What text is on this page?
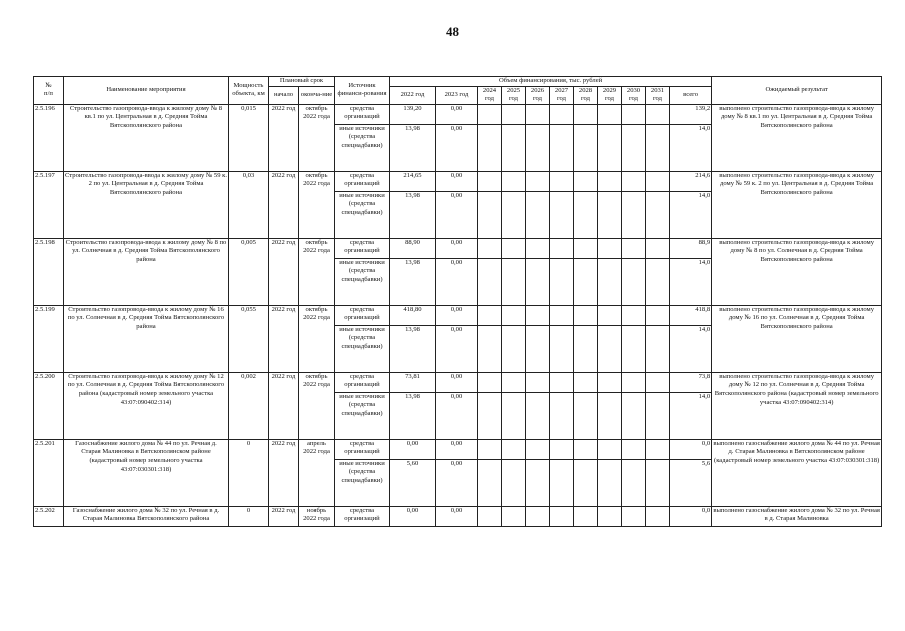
48
№
п/п	Наименование мероприятия	Мощность объекта, км	Плановый срок		Источник финанси-рования	Объем финансирования, тыс. рублей											Ожидаемый результат
			начало	оконча-ние		2022 год	2023 год	2024 год	2025 год	2026 год	2027 год	2028 год	2029 год	2030 год	2031 год	всего	
2.5.196	Строительство газопровода-ввода к жилому дому № 8 кв.1 по ул. Центральная в д. Средняя Тойма Вятскополянского района	0,015	2022 год	октябрь 2022 года	средства организаций	139,20	0,00									139,2	выполнено строительство газопровода-ввода к жилому дому № 8 кв.1 по ул. Центральная в д. Средняя Тойма Вятскополянского района
					иные источники (средства спецнадбавки)	13,98	0,00									14,0	
2.5.197	Строительство газопровода-ввода к жилому дому № 59 к. 2 по ул. Центральная в д. Средняя Тойма Вятскополянского района	0,03	2022 год	октябрь 2022 года	средства организаций	214,65	0,00									214,6	выполнено строительство газопровода-ввода к жилому дому № 59 к. 2 по ул. Центральная в д. Средняя Тойма Вятскополянского района
					иные источники (средства спецнадбавки)	13,98	0,00									14,0	
2.5.198	Строительство газопровода-ввода к жилому дому № 8 по ул. Солнечная в д. Средняя Тойма Вятскополянского района	0,005	2022 год	октябрь 2022 года	средства организаций	88,90	0,00									88,9	выполнено строительство газопровода-ввода к жилому дому № 8 по ул. Солнечная в д. Средняя Тойма Вятскополянского района
					иные источники (средства спецнадбавки)	13,98	0,00									14,0	
2.5.199	Строительство газопровода-ввода к жилому дому № 16 по ул. Солнечная в д. Средняя Тойма Вятскополянского района	0,055	2022 год	октябрь 2022 года	средства организаций	418,80	0,00									418,8	выполнено строительство газопровода-ввода к жилому дому № 16 по ул. Солнечная в д. Средняя Тойма Вятскополянского района
					иные источники (средства спецнадбавки)	13,98	0,00									14,0	
2.5.200	Строительство газопровода-ввода к жилому дому № 12 по ул. Солнечная в д. Средняя Тойма Вятскополянского района (кадастровый номер земельного участка 43:07:090402:314)	0,002	2022 год	октябрь 2022 года	средства организаций	73,81	0,00									73,8	выполнено строительство газопровода-ввода к жилому дому № 12 по ул. Солнечная в д. Средняя Тойма Вятскополянского района (кадастровый номер земельного участка 43:07:090402:314)
					иные источники (средства спецнадбавки)	13,98	0,00									14,0	
2.5.201	Газоснабжение жилого дома № 44 по ул. Речная д. Старая Малиновка в Вятскополянском районе (кадастровый номер земельного участка 43:07:030301:318)	0	2022 год	апрель 2022 года	средства организаций	0,00	0,00									0,0	выполнено газоснабжение жилого дома № 44 по ул. Речная д. Старая Малиновка в Вятскополянском районе (кадастровый номер земельного участка 43:07:030301:318)
					иные источники (средства спецнадбавки)	5,60	0,00									5,6	
2.5.202	Газоснабжение жилого дома № 32 по ул. Речная в д. Старая Малиновка Вятскополянского района	0	2022 год	ноябрь 2022 года	средства организаций	0,00	0,00									0,0	выполнено газоснабжение жилого дома № 32 по ул. Речная в д. Старая Малиновка
